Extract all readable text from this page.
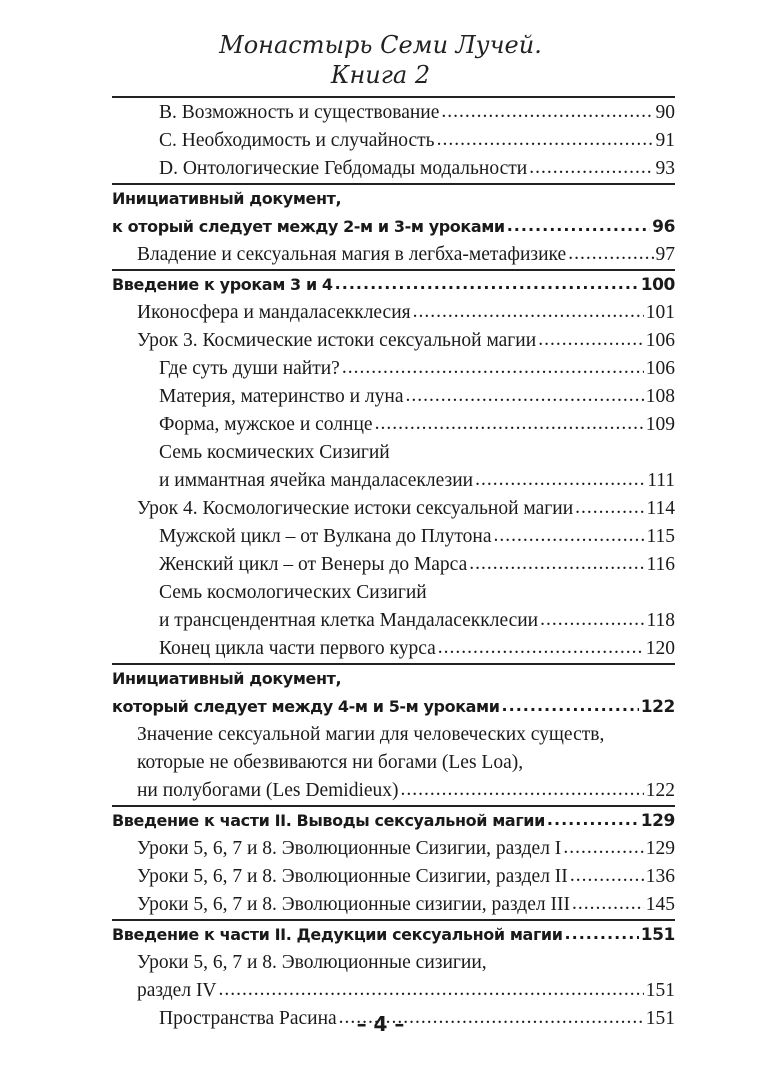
Монастырь Семи Лучей.
Книга 2
B. Возможность и существование .....	90
C. Необходимость и случайность .....	91
D. Онтологические Гебдомады модальности .....	93
Инициативный документ,
к оторый следует между 2-м и 3-м уроками .....	96
Владение и сексуальная магия в легбха-метафизике .....	97
Введение к урокам 3 и 4 .....	100
Иконосфера и мандаласекклесия .....	101
Урок 3. Космические истоки сексуальной магии .....	106
Где суть души найти? .....	106
Материя, материнство и луна .....	108
Форма, мужское и солнце .....	109
Семь космических Сизигий
и иммантная ячейка мандаласеклезии .....	111
Урок 4. Космологические истоки сексуальной магии .....	114
Мужской цикл – от Вулкана до Плутона .....	115
Женский цикл – от Венеры до Марса .....	116
Семь космологических Сизигий
и трансцендентная клетка Мандаласекклесии .....	118
Конец цикла части первого курса .....	120
Инициативный документ,
который следует между 4-м и 5-м уроками .....	122
Значение сексуальной магии для человеческих существ,
которые не обезвиваются ни богами (Les Loa),
ни полубогами (Les Demidieux) .....	122
Введение к части II. Выводы сексуальной магии .....	129
Уроки 5, 6, 7 и 8. Эволюционные Сизигии, раздел I .....	129
Уроки 5, 6, 7 и 8. Эволюционные Сизигии, раздел II .....	136
Уроки 5, 6, 7 и 8. Эволюционные сизигии, раздел III .....	145
Введение к части II. Дедукции сексуальной магии .....	151
Уроки 5, 6, 7 и 8. Эволюционные сизигии,
раздел IV .....	151
Пространства Расина .....	151
– 4 –
